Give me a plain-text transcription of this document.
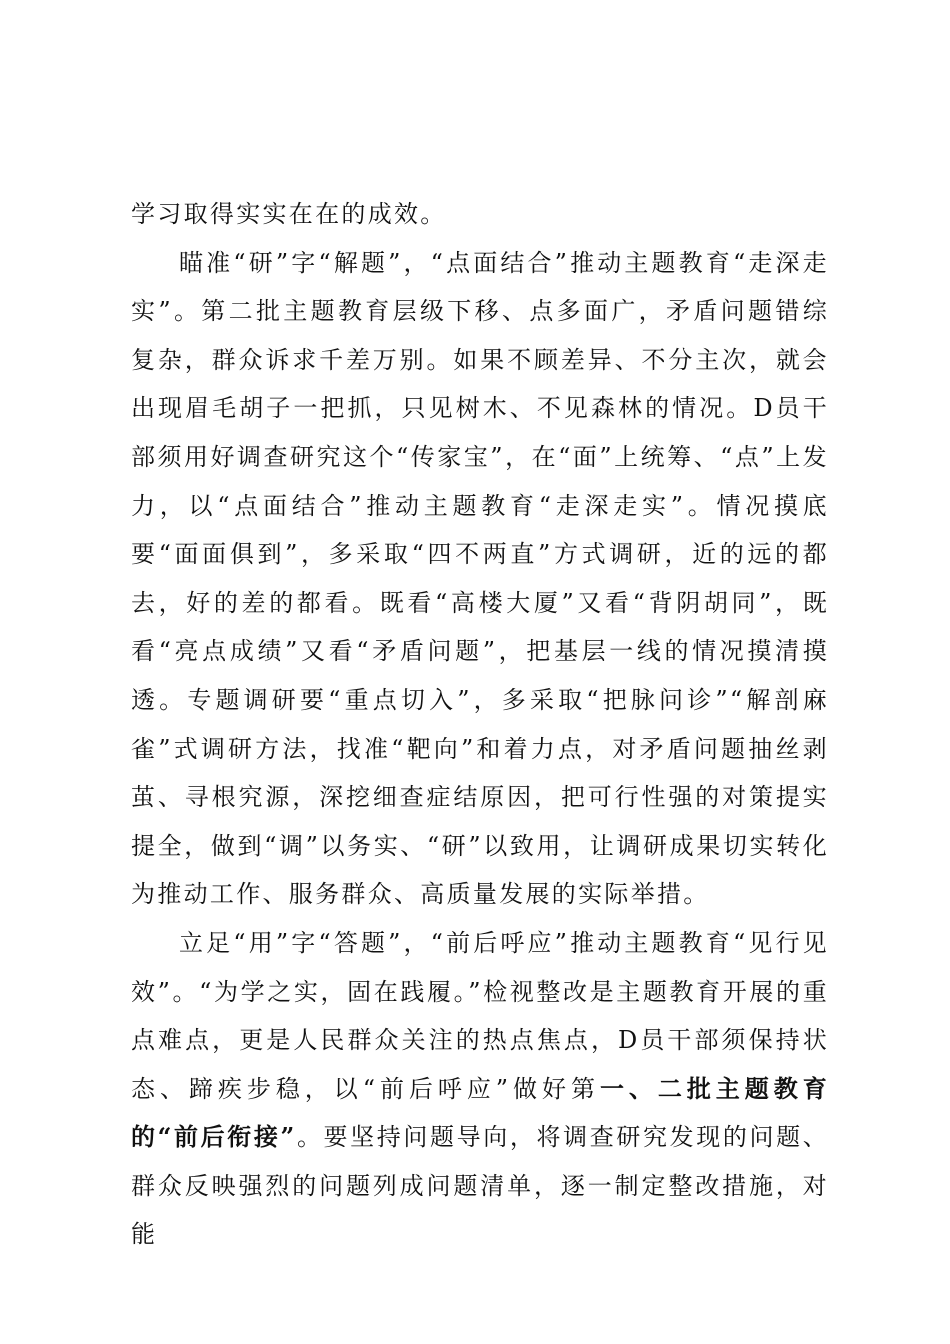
学习取得实实在在的成效。

瞄准“研”字“解题”，“点面结合”推动主题教育“走深走实”。第二批主题教育层级下移、点多面广，矛盾问题错综复杂，群众诉求千差万别。如果不顾差异、不分主次，就会出现眉毛胡子一把抓，只见树木、不见森林的情况。D员干部须用好调查研究这个“传家宝”，在“面”上统筹、“点”上发力，以“点面结合”推动主题教育“走深走实”。情况摸底要“面面俱到”，多采取“四不两直”方式调研，近的远的都去，好的差的都看。既看“高楼大厦”又看“背阴胡同”，既看“亮点成绩”又看“矛盾问题”，把基层一线的情况摸清摸透。专题调研要“重点切入”，多采取“把脉问诊”“解剖麻雀”式调研方法，找准“靶向”和着力点，对矛盾问题抽丝剥茧、寻根究源，深挖细查症结原因，把可行性强的对策提实提全，做到“调”以务实、“研”以致用，让调研成果切实转化为推动工作、服务群众、高质量发展的实际举措。

立足“用”字“答题”，“前后呼应”推动主题教育“见行见效”。“为学之实，固在践履。”检视整改是主题教育开展的重点难点，更是人民群众关注的热点焦点，D员干部须保持状态、蹄疾步稳，以“前后呼应”做好第一、二批主题教育的“前后衔接”。要坚持问题导向，将调查研究发现的问题、群众反映强烈的问题列成问题清单，逐一制定整改措施，对能
